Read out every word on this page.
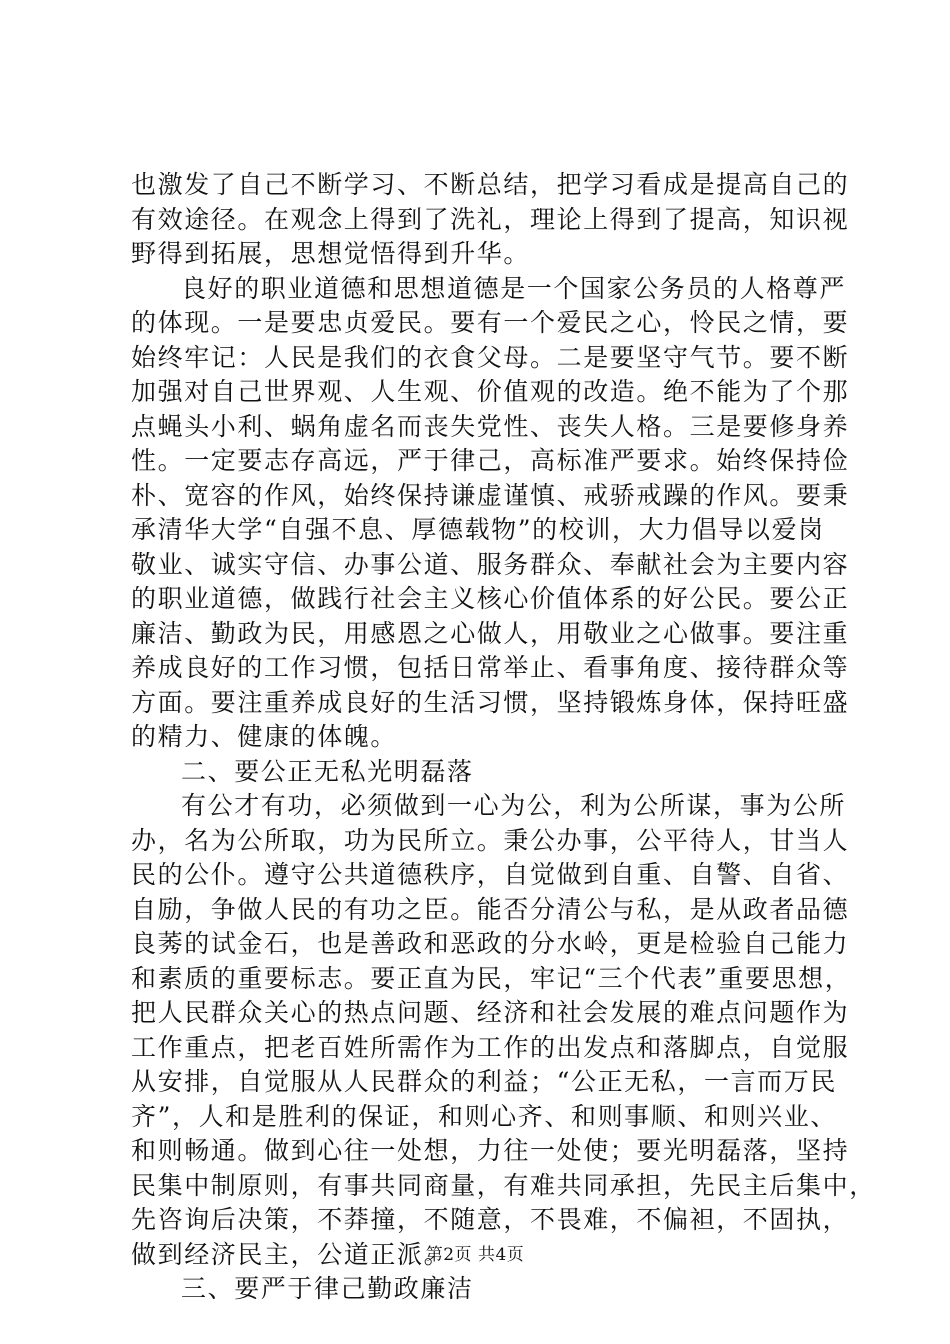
也激发了自己不断学习、不断总结，把学习看成是提高自己的
有效途径。在观念上得到了洗礼，理论上得到了提高，知识视
野得到拓展，思想觉悟得到升华。
良好的职业道德和思想道德是一个国家公务员的人格尊严
的体现。一是要忠贞爱民。要有一个爱民之心，怜民之情，要
始终牢记：人民是我们的衣食父母。二是要坚守气节。要不断
加强对自己世界观、人生观、价值观的改造。绝不能为了个那
点蝇头小利、蜗角虚名而丧失党性、丧失人格。三是要修身养
性。一定要志存高远，严于律己，高标准严要求。始终保持俭
朴、宽容的作风，始终保持谦虚谨慎、戒骄戒躁的作风。要秉
承清华大学“自强不息、厚德载物”的校训，大力倡导以爱岗
敬业、诚实守信、办事公道、服务群众、奉献社会为主要内容
的职业道德，做践行社会主义核心价值体系的好公民。要公正
廉洁、勤政为民，用感恩之心做人，用敬业之心做事。要注重
养成良好的工作习惯，包括日常举止、看事角度、接待群众等
方面。要注重养成良好的生活习惯，坚持锻炼身体，保持旺盛
的精力、健康的体魄。
二、要公正无私光明磊落
有公才有功，必须做到一心为公，利为公所谋，事为公所
办，名为公所取，功为民所立。秉公办事，公平待人，甘当人
民的公仆。遵守公共道德秩序，自觉做到自重、自警、自省、
自励，争做人民的有功之臣。能否分清公与私，是从政者品德
良莠的试金石，也是善政和恶政的分水岭，更是检验自己能力
和素质的重要标志。要正直为民，牢记“三个代表”重要思想，
把人民群众关心的热点问题、经济和社会发展的难点问题作为
工作重点，把老百姓所需作为工作的出发点和落脚点，自觉服
从安排，自觉服从人民群众的利益；“公正无私，一言而万民
齐”，人和是胜利的保证，和则心齐、和则事顺、和则兴业、
和则畅通。做到心往一处想，力往一处使；要光明磊落，坚持
民集中制原则，有事共同商量，有难共同承担，先民主后集中，
先咨询后决策，不莽撞，不随意，不畏难，不偏袒，不固执，
做到经济民主，公道正派。
三、要严于律己勤政廉洁
第2页 共4页
